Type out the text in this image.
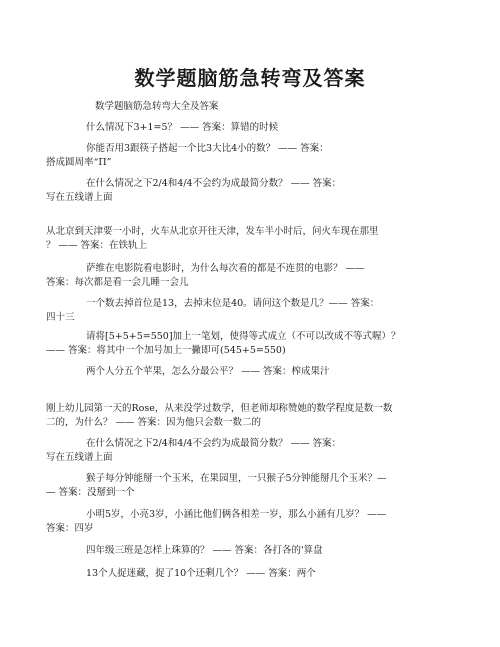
数学题脑筋急转弯及答案
数学题脑筋急转弯大全及答案
什么情况下3+1=5？ —— 答案：算错的时候
你能否用3跟筷子搭起一个比3大比4小的数？ —— 答案：
搭成圆周率“Π”
在什么情况之下2/4和4/4不会约为成最简分数？ —— 答案：
写在五线谱上面
从北京到天津要一小时，火车从北京开往天津，发车半小时后，问火车现在那里
？ —— 答案：在铁轨上
萨维在电影院看电影时，为什么每次看的都是不连贯的电影？ ——
答案：每次都是看一会儿睡一会儿
一个数去掉首位是13，去掉末位是40。请问这个数是几？—— 答案：
四十三
请将[5+5+5=550]加上一笔划，使得等式成立（不可以改成不等式喔）？
—— 答案：将其中一个加号加上一撇即可(545+5=550)
两个人分五个苹果，怎么分最公平？ —— 答案：榨成果汁
刚上幼儿园第一天的Rose，从来没学过数学，但老师却称赞她的数学程度是数一数
二的，为什么？ —— 答案：因为他只会数一数二的
在什么情况之下2/4和4/4不会约为成最简分数？ —— 答案：
写在五线谱上面
猴子每分钟能掰一个玉米，在果园里，一只猴子5分钟能掰几个玉米？—
— 答案：没掰到一个
小明5岁，小亮3岁，小涵比他们俩各相差一岁，那么小涵有几岁？ ——
答案：四岁
四年级三班是怎样上珠算的？ —— 答案：各打各的'算盘
13个人捉迷藏，捉了10个还剩几个？ —— 答案：两个
